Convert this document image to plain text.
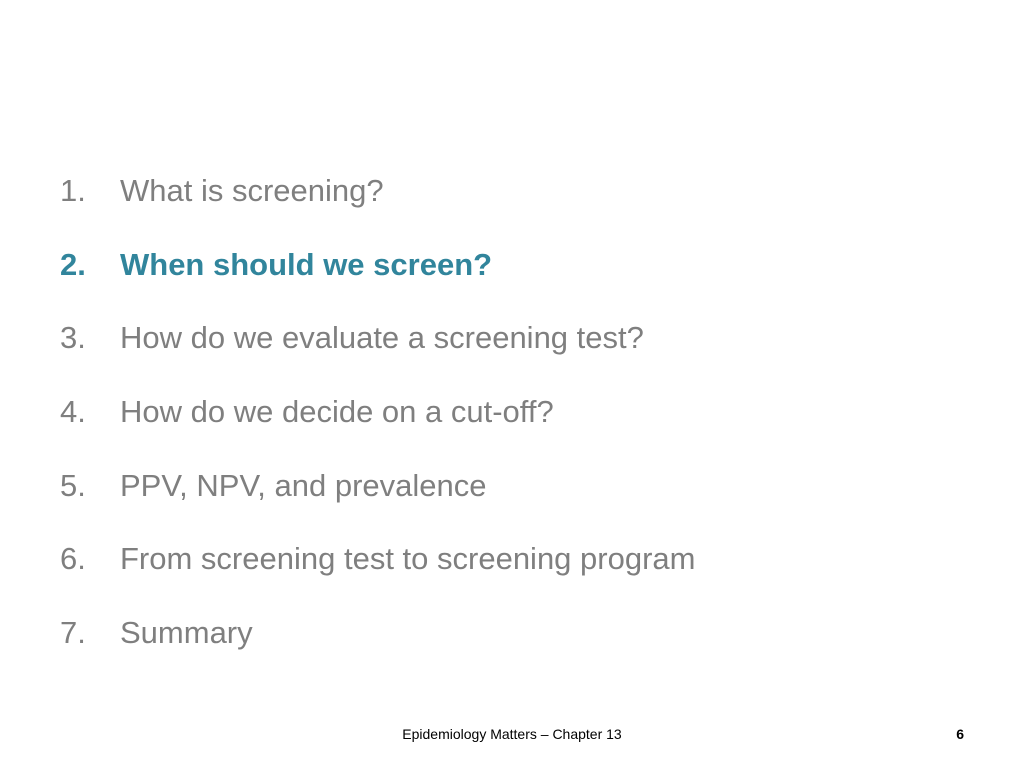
1.	What is screening?
2.	When should we screen?
3.	How do we evaluate a screening test?
4.	How do we decide on a cut-off?
5.	PPV, NPV, and prevalence
6.	From screening test to screening program
7.	Summary
Epidemiology Matters – Chapter 13	6
